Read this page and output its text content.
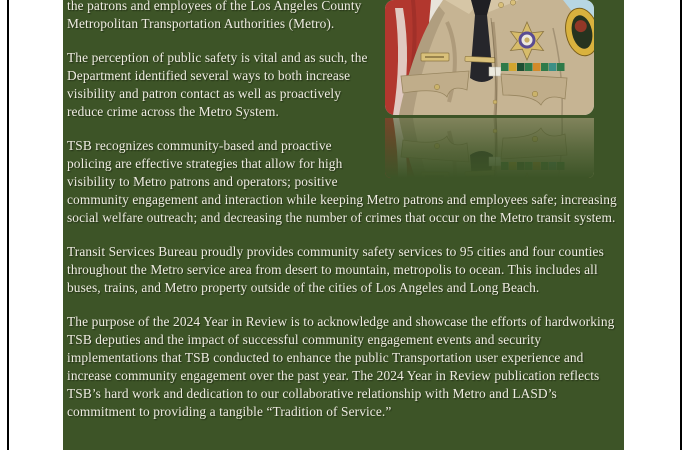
the patrons and employees of the Los Angeles County Metropolitan Transportation Authorities (Metro).

The perception of public safety is vital and as such, the Department identified several ways to both increase visibility and patron contact as well as proactively reduce crime across the Metro System.

TSB recognizes community-based and proactive policing are effective strategies that allow for high visibility to Metro patrons and operators; positive community engagement and interaction while keeping Metro patrons and employees safe; increasing social welfare outreach; and decreasing the number of crimes that occur on the Metro transit system.

Transit Services Bureau proudly provides community safety services to 95 cities and four counties throughout the Metro service area from desert to mountain, metropolis to ocean. This includes all buses, trains, and Metro property outside of the cities of Los Angeles and Long Beach.

The purpose of the 2024 Year in Review is to acknowledge and showcase the efforts of hardworking TSB deputies and the impact of successful community engagement events and security implementations that TSB conducted to enhance the public Transportation user experience and increase community engagement over the past year. The 2024 Year in Review publication reflects TSB’s hard work and dedication to our collaborative relationship with Metro and LASD’s commitment to providing a tangible “Tradition of Service.”
